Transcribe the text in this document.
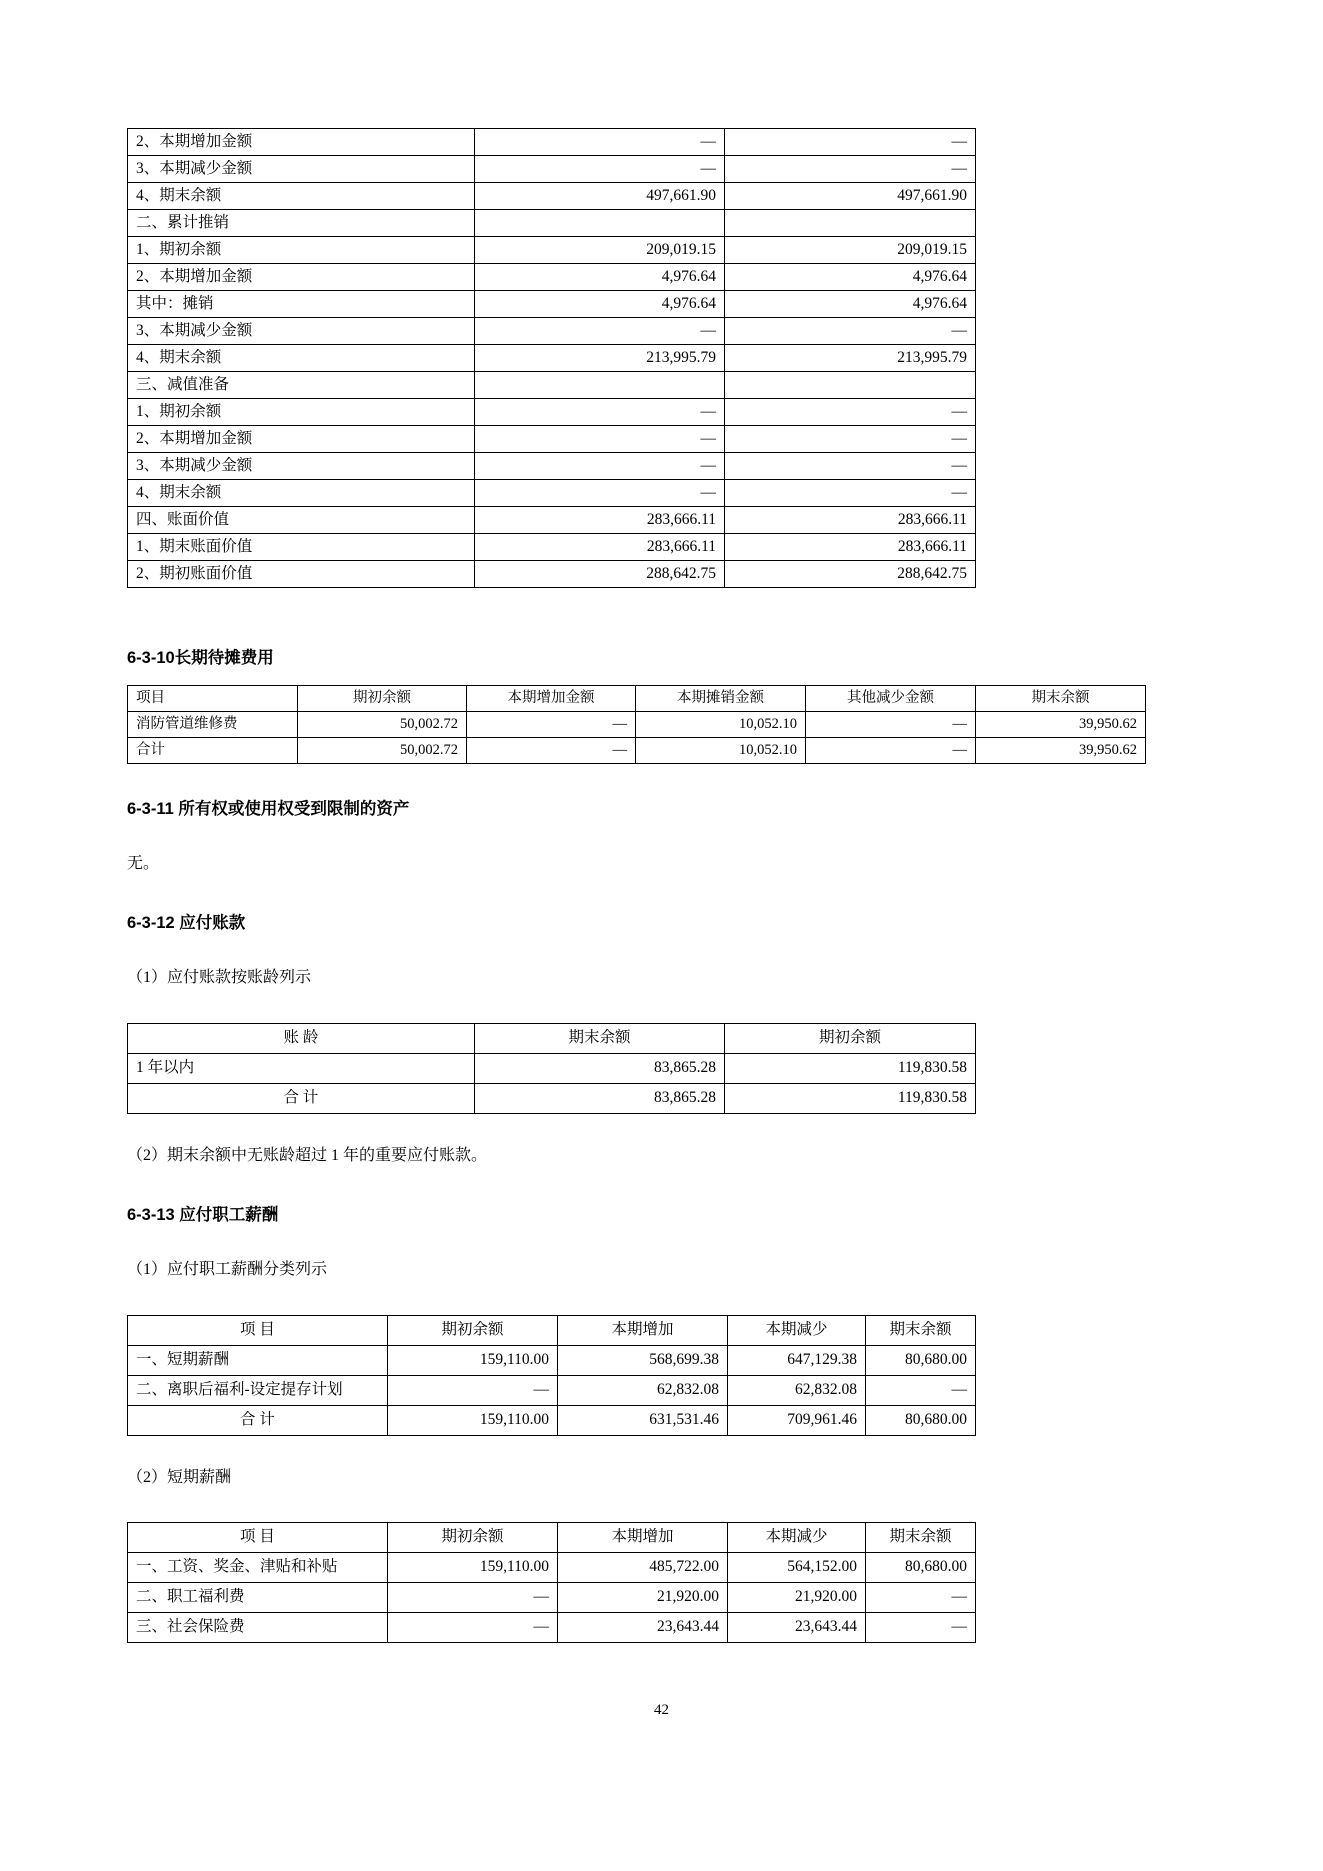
2、本期增加金额	—	—
3、本期减少金额	—	—
4、期末余额	497,661.90	497,661.90
二、累计推销		
1、期初余额	209,019.15	209,019.15
2、本期增加金额	4,976.64	4,976.64
其中：摊销	4,976.64	4,976.64
3、本期减少金额	—	—
4、期末余额	213,995.79	213,995.79
三、减值准备		
1、期初余额	—	—
2、本期增加金额	—	—
3、本期减少金额	—	—
4、期末余额	—	—
四、账面价值	283,666.11	283,666.11
1、期末账面价值	283,666.11	283,666.11
2、期初账面价值	288,642.75	288,642.75
6-3-10长期待摊费用
项目	期初余额	本期增加金额	本期摊销金额	其他减少金额	期末余额
消防管道维修费	50,002.72	—	10,052.10	—	39,950.62
合计	50,002.72	—	10,052.10	—	39,950.62
6-3-11 所有权或使用权受到限制的资产

无。

6-3-12 应付账款

（1）应付账款按账龄列示

账 龄	期末余额	期初余额
1 年以内	83,865.28	119,830.58
合 计	83,865.28	119,830.58

（2）期末余额中无账龄超过 1 年的重要应付账款。

6-3-13 应付职工薪酬

（1）应付职工薪酬分类列示

项 目	期初余额	本期增加	本期减少	期末余额
一、短期薪酬	159,110.00	568,699.38	647,129.38	80,680.00
二、离职后福利-设定提存计划	—	62,832.08	62,832.08	—
合 计	159,110.00	631,531.46	709,961.46	80,680.00

（2）短期薪酬

项 目	期初余额	本期增加	本期减少	期末余额
一、工资、奖金、津贴和补贴	159,110.00	485,722.00	564,152.00	80,680.00
二、职工福利费	—	21,920.00	21,920.00	—
三、社会保险费	—	23,643.44	23,643.44	—
42
